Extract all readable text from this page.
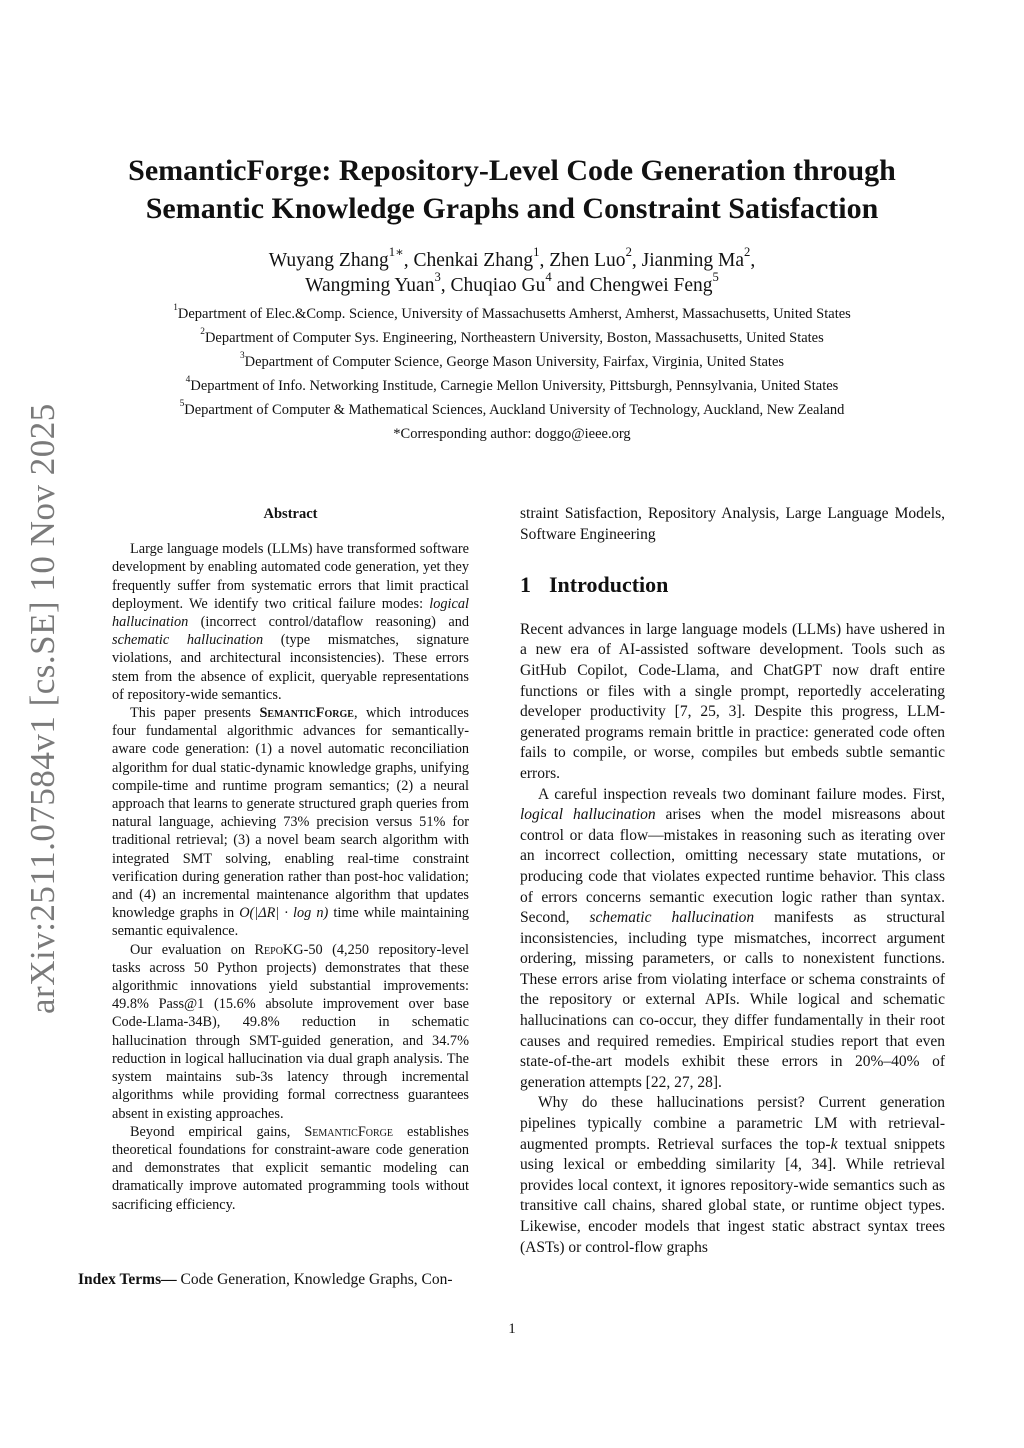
arXiv:2511.07584v1 [cs.SE] 10 Nov 2025
SemanticForge: Repository-Level Code Generation through
Semantic Knowledge Graphs and Constraint Satisfaction
Wuyang Zhang$^{1∗}$, Chenkai Zhang$^1$, Zhen Luo$^2$, Jianming Ma$^2$,
Wangming Yuan$^3$, Chuqiao Gu$^4$ and Chengwei Feng$^5$
$^1$Department of Elec.&Comp. Science, University of Massachusetts Amherst, Amherst, Massachusetts, United States
$^2$Department of Computer Sys. Engineering, Northeastern University, Boston, Massachusetts, United States
$^3$Department of Computer Science, George Mason University, Fairfax, Virginia, United States
$^4$Department of Info. Networking Institude, Carnegie Mellon University, Pittsburgh, Pennsylvania, United States
$^5$Department of Computer & Mathematical Sciences, Auckland University of Technology, Auckland, New Zealand
*Corresponding author: doggo@ieee.org
Abstract

Large language models (LLMs) have transformed software development by enabling automated code generation, yet they frequently suffer from systematic errors that limit practical deployment. We identify two critical failure modes: logical hallucination (incorrect control/dataflow reasoning) and schematic hallucination (type mismatches, signature violations, and architectural inconsistencies). These errors stem from the absence of explicit, queryable representations of repository-wide semantics.

This paper presents SemanticForge, which introduces four fundamental algorithmic advances for semantically-aware code generation: (1) a novel automatic reconciliation algorithm for dual static-dynamic knowledge graphs, unifying compile-time and runtime program semantics; (2) a neural approach that learns to generate structured graph queries from natural language, achieving 73% precision versus 51% for traditional retrieval; (3) a novel beam search algorithm with integrated SMT solving, enabling real-time constraint verification during generation rather than post-hoc validation; and (4) an incremental maintenance algorithm that updates knowledge graphs in O(|ΔR| · log n) time while maintaining semantic equivalence.

Our evaluation on RepoKG-50 (4,250 repository-level tasks across 50 Python projects) demonstrates that these algorithmic innovations yield substantial improvements: 49.8% Pass@1 (15.6% absolute improvement over base Code-Llama-34B), 49.8% reduction in schematic hallucination through SMT-guided generation, and 34.7% reduction in logical hallucination via dual graph analysis. The system maintains sub-3s latency through incremental algorithms while providing formal correctness guarantees absent in existing approaches.

Beyond empirical gains, SemanticForge establishes theoretical foundations for constraint-aware code generation and demonstrates that explicit semantic modeling can dramatically improve automated programming tools without sacrificing efficiency.

Index Terms— Code Generation, Knowledge Graphs, Con-

straint Satisfaction, Repository Analysis, Large Language Models, Software Engineering

1 Introduction

Recent advances in large language models (LLMs) have ushered in a new era of AI-assisted software development. Tools such as GitHub Copilot, Code-Llama, and ChatGPT now draft entire functions or files with a single prompt, reportedly accelerating developer productivity [7, 25, 3]. Despite this progress, LLM-generated programs remain brittle in practice: generated code often fails to compile, or worse, compiles but embeds subtle semantic errors.

A careful inspection reveals two dominant failure modes. First, logical hallucination arises when the model misreasons about control or data flow—mistakes in reasoning such as iterating over an incorrect collection, omitting necessary state mutations, or producing code that violates expected runtime behavior. This class of errors concerns semantic execution logic rather than syntax. Second, schematic hallucination manifests as structural inconsistencies, including type mismatches, incorrect argument ordering, missing parameters, or calls to nonexistent functions. These errors arise from violating interface or schema constraints of the repository or external APIs. While logical and schematic hallucinations can co-occur, they differ fundamentally in their root causes and required remedies. Empirical studies report that even state-of-the-art models exhibit these errors in 20%–40% of generation attempts [22, 27, 28].

Why do these hallucinations persist? Current generation pipelines typically combine a parametric LM with retrieval-augmented prompts. Retrieval surfaces the top-k textual snippets using lexical or embedding similarity [4, 34]. While retrieval provides local context, it ignores repository-wide semantics such as transitive call chains, shared global state, or runtime object types. Likewise, encoder models that ingest static abstract syntax trees (ASTs) or control-flow graphs

1
